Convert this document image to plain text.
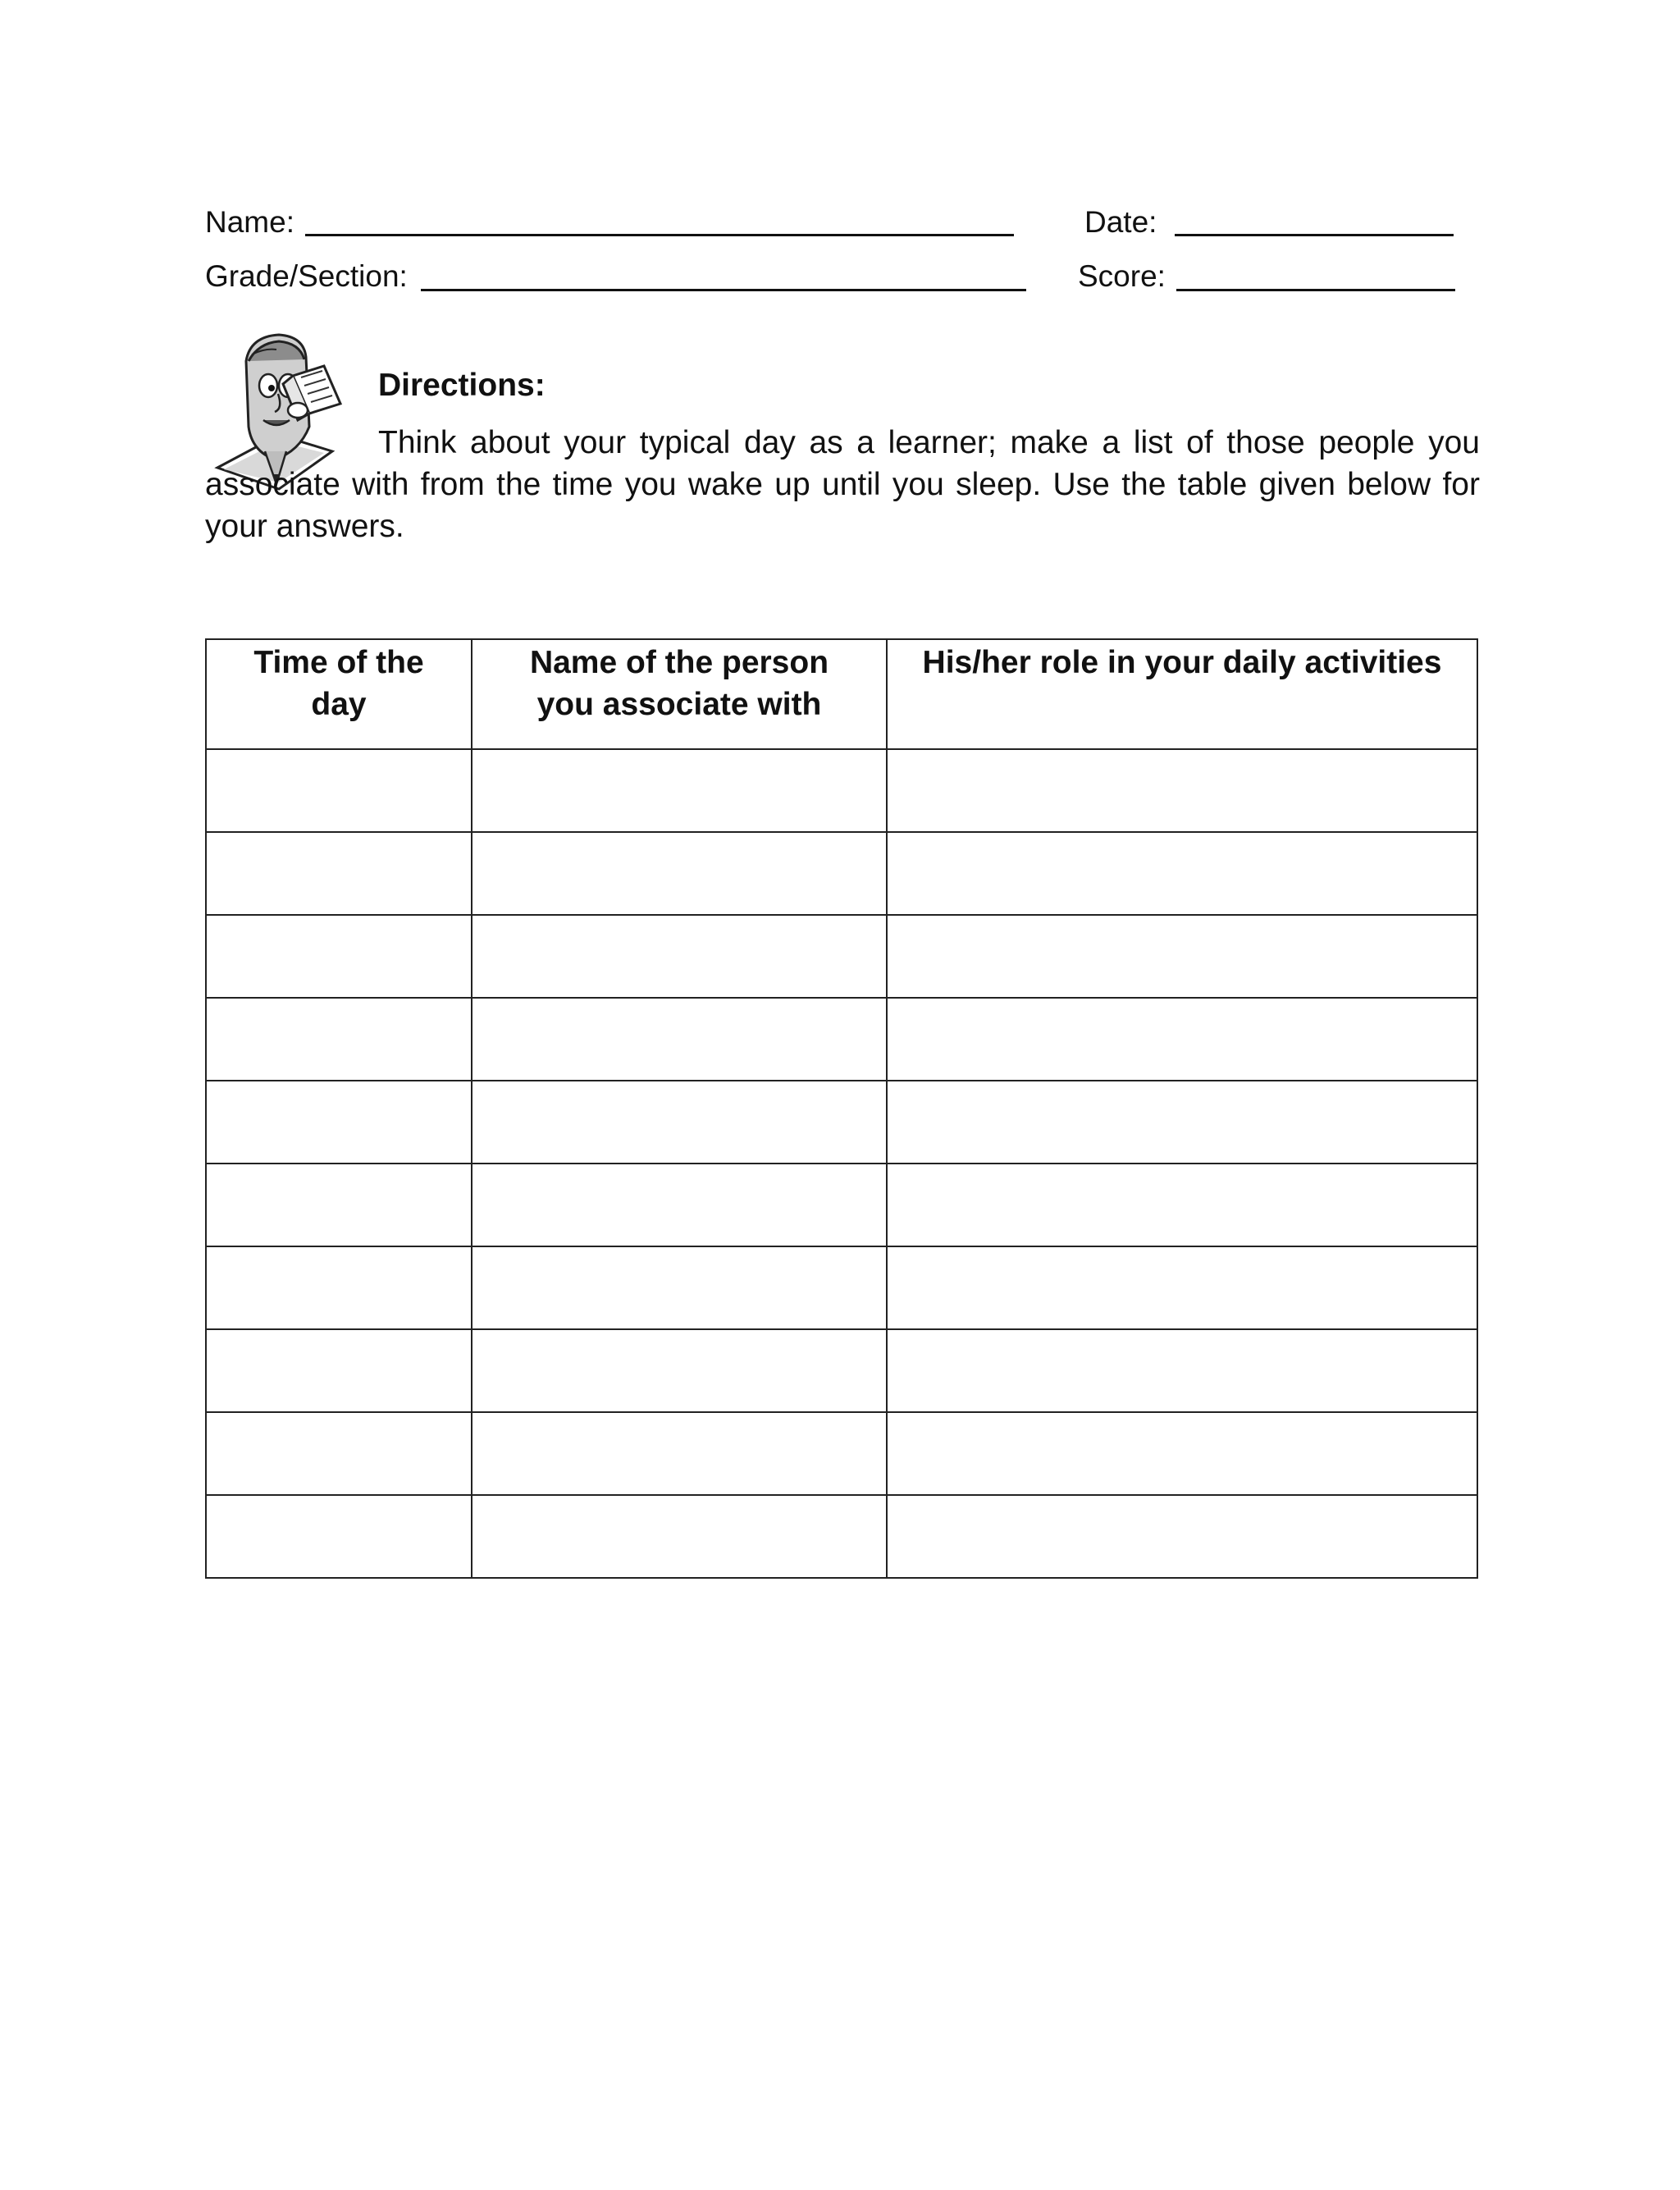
Name:	Date:
Grade/Section:	Score:
Directions:
Think about your typical day as a learner; make a list of those people you associate with from the time you wake up until you sleep. Use the table given below for your answers.
Time of the day	Name of the person you associate with	His/her role in your daily activities
